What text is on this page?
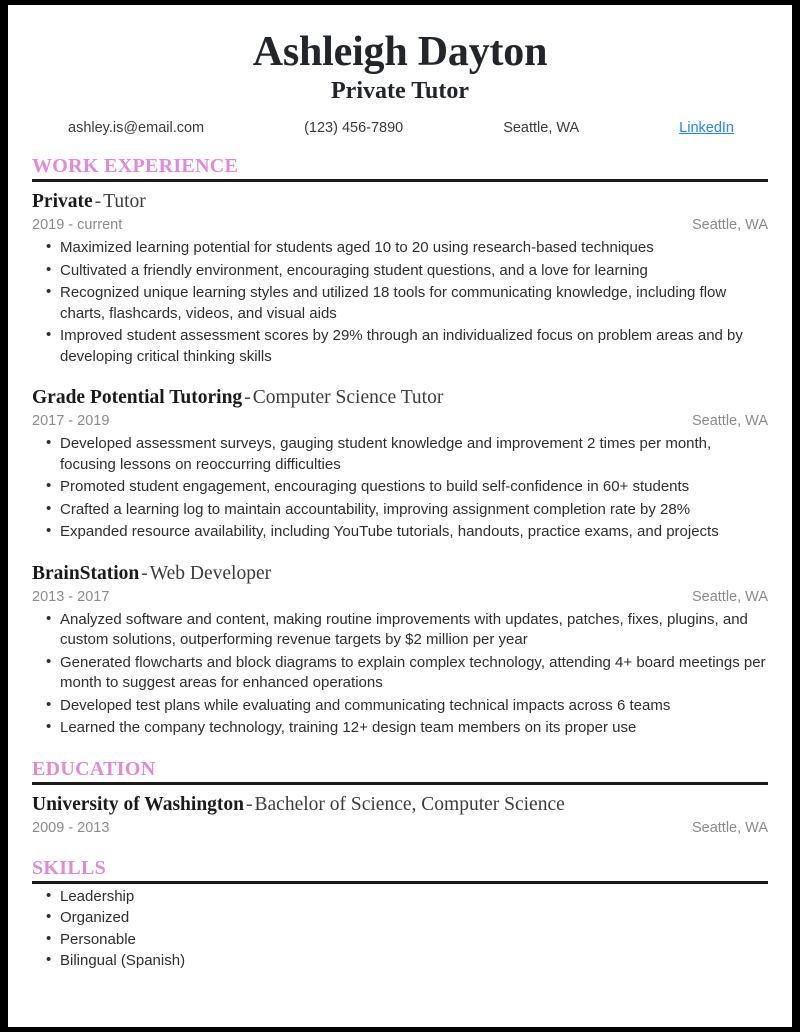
Ashleigh Dayton
Private Tutor
ashley.is@email.com	(123) 456-7890	Seattle, WA	LinkedIn
WORK EXPERIENCE
Private - Tutor
2019 - current	Seattle, WA
• Maximized learning potential for students aged 10 to 20 using research-based techniques
• Cultivated a friendly environment, encouraging student questions, and a love for learning
• Recognized unique learning styles and utilized 18 tools for communicating knowledge, including flow charts, flashcards, videos, and visual aids
• Improved student assessment scores by 29% through an individualized focus on problem areas and by developing critical thinking skills
Grade Potential Tutoring - Computer Science Tutor
2017 - 2019	Seattle, WA
• Developed assessment surveys, gauging student knowledge and improvement 2 times per month, focusing lessons on reoccurring difficulties
• Promoted student engagement, encouraging questions to build self-confidence in 60+ students
• Crafted a learning log to maintain accountability, improving assignment completion rate by 28%
• Expanded resource availability, including YouTube tutorials, handouts, practice exams, and projects
BrainStation - Web Developer
2013 - 2017	Seattle, WA
• Analyzed software and content, making routine improvements with updates, patches, fixes, plugins, and custom solutions, outperforming revenue targets by $2 million per year
• Generated flowcharts and block diagrams to explain complex technology, attending 4+ board meetings per month to suggest areas for enhanced operations
• Developed test plans while evaluating and communicating technical impacts across 6 teams
• Learned the company technology, training 12+ design team members on its proper use
EDUCATION
University of Washington - Bachelor of Science, Computer Science
2009 - 2013	Seattle, WA
SKILLS
• Leadership
• Organized
• Personable
• Bilingual (Spanish)
